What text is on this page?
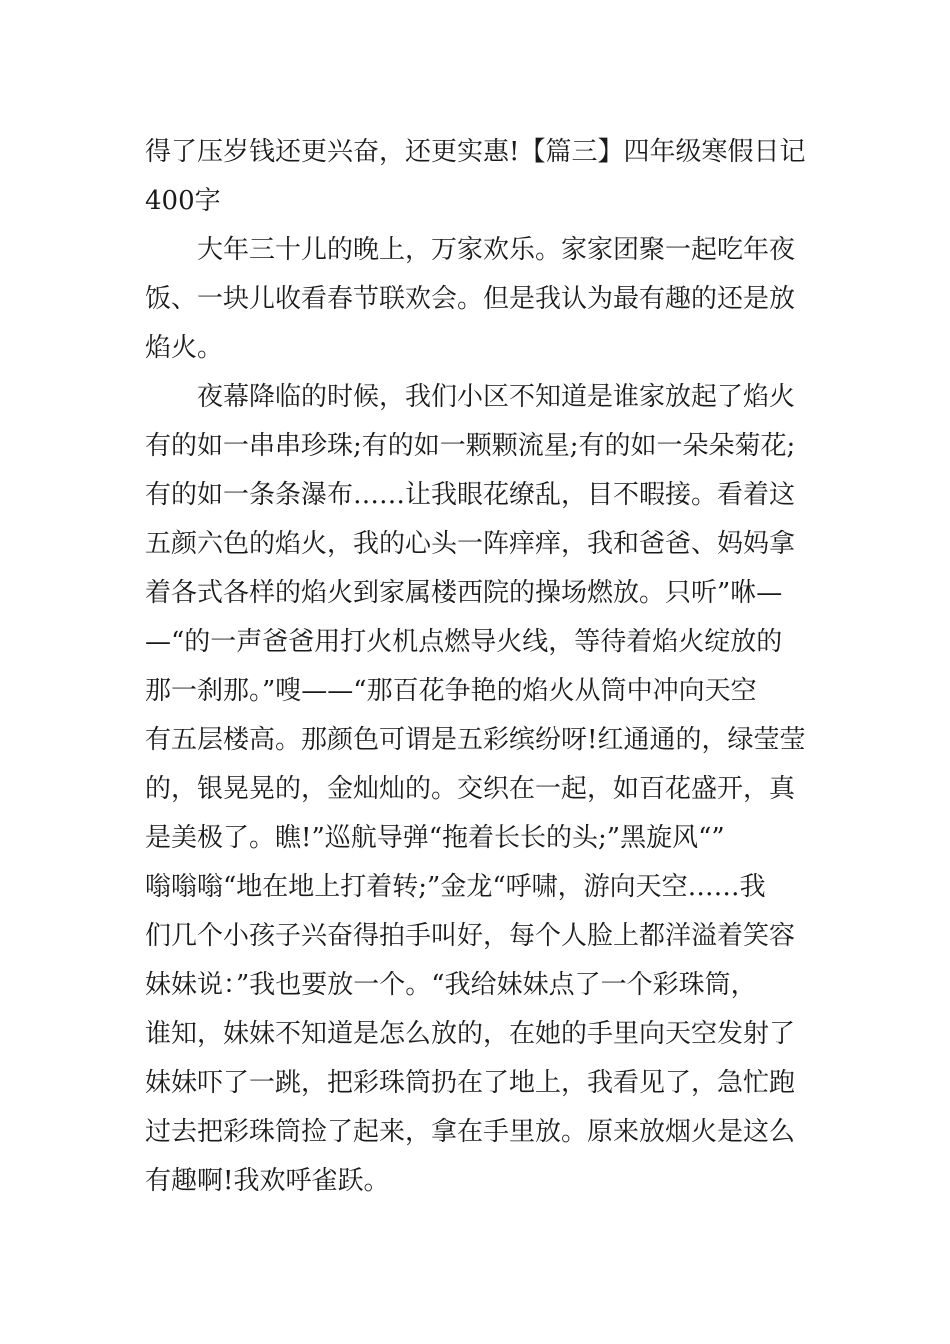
得了压岁钱还更兴奋，还更实惠!【篇三】四年级寒假日记
400字
大年三十儿的晚上，万家欢乐。家家团聚一起吃年夜
饭、一块儿收看春节联欢会。但是我认为最有趣的还是放
焰火。
夜幕降临的时候，我们小区不知道是谁家放起了焰火
有的如一串串珍珠;有的如一颗颗流星;有的如一朵朵菊花;
有的如一条条瀑布……让我眼花缭乱，目不暇接。看着这
五颜六色的焰火，我的心头一阵痒痒，我和爸爸、妈妈拿
着各式各样的焰火到家属楼西院的操场燃放。只听”咻—
—“的一声爸爸用打火机点燃导火线，等待着焰火绽放的
那一刹那。”嗖——“那百花争艳的焰火从筒中冲向天空
有五层楼高。那颜色可谓是五彩缤纷呀!红通通的，绿莹莹
的，银晃晃的，金灿灿的。交织在一起，如百花盛开，真
是美极了。瞧!”巡航导弹“拖着长长的头;”黑旋风“”
嗡嗡嗡“地在地上打着转;”金龙“呼啸，游向天空……我
们几个小孩子兴奋得拍手叫好，每个人脸上都洋溢着笑容
妹妹说：”我也要放一个。“我给妹妹点了一个彩珠筒，
谁知，妹妹不知道是怎么放的，在她的手里向天空发射了
妹妹吓了一跳，把彩珠筒扔在了地上，我看见了，急忙跑
过去把彩珠筒捡了起来，拿在手里放。原来放烟火是这么
有趣啊!我欢呼雀跃。
